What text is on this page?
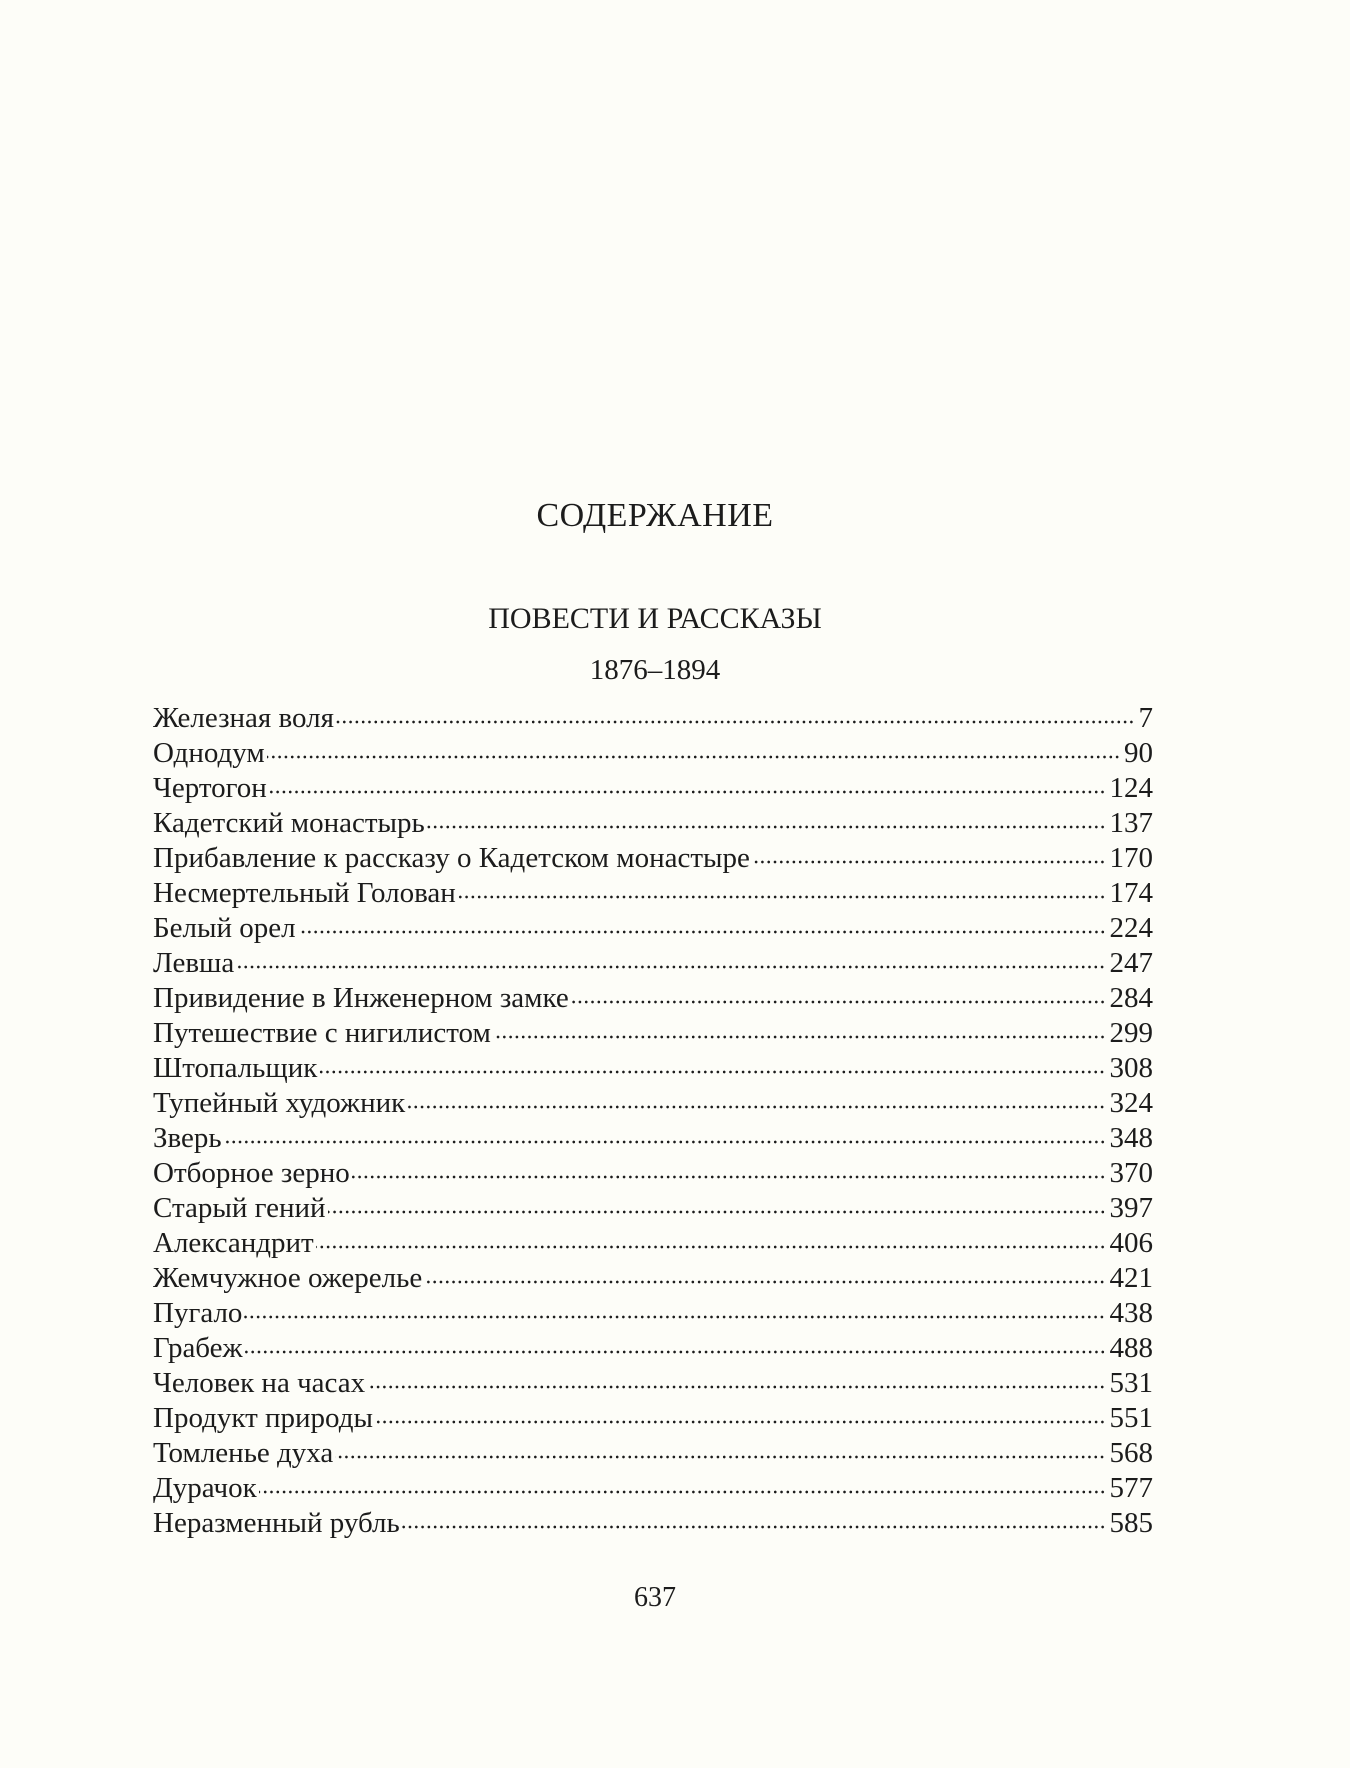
СОДЕРЖАНИЕ
ПОВЕСТИ И РАССКАЗЫ
1876–1894
Железная воля	7
Однодум	90
Чертогон	124
Кадетский монастырь	137
Прибавление к рассказу о Кадетском монастыре	170
Несмертельный Голован	174
Белый орел	224
Левша	247
Привидение в Инженерном замке	284
Путешествие с нигилистом	299
Штопальщик	308
Тупейный художник	324
Зверь	348
Отборное зерно	370
Старый гений	397
Александрит	406
Жемчужное ожерелье	421
Пугало	438
Грабеж	488
Человек на часах	531
Продукт природы	551
Томленье духа	568
Дурачок	577
Неразменный рубль	585
637
